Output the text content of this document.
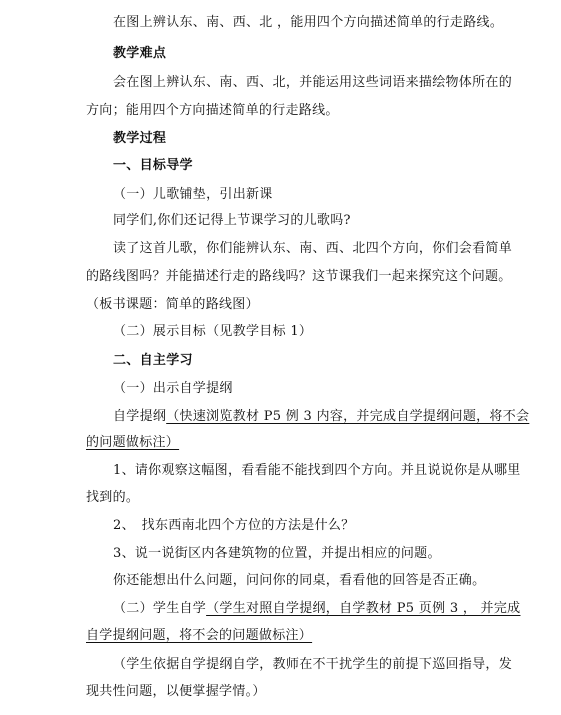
在图上辨认东、南、西、北 ，能用四个方向描述简单的行走路线。
教学难点
会在图上辨认东、南、西、北，并能运用这些词语来描绘物体所在的
方向；能用四个方向描述简单的行走路线。
教学过程
一、目标导学
（一）儿歌铺垫，引出新课
同学们,你们还记得上节课学习的儿歌吗?
读了这首儿歌，你们能辨认东、南、西、北四个方向，你们会看简单
的路线图吗？并能描述行走的路线吗？这节课我们一起来探究这个问题。
（板书课题：简单的路线图）
（二）展示目标（见教学目标 1）
二、自主学习
（一）出示自学提纲
自学提纲（快速浏览教材 P5 例 3 内容，并完成自学提纲问题，将不会
的问题做标注）
1、请你观察这幅图，看看能不能找到四个方向。并且说说你是从哪里
找到的。
2、　找东西南北四个方位的方法是什么？
3、说一说街区内各建筑物的位置，并提出相应的问题。
你还能想出什么问题，问问你的同桌，看看他的回答是否正确。
（二）学生自学（学生对照自学提纲，自学教材 P5 页例 3 ， 并完成
自学提纲问题，将不会的问题做标注）
（学生依据自学提纲自学，教师在不干扰学生的前提下巡回指导，发
现共性问题，以便掌握学情。）
